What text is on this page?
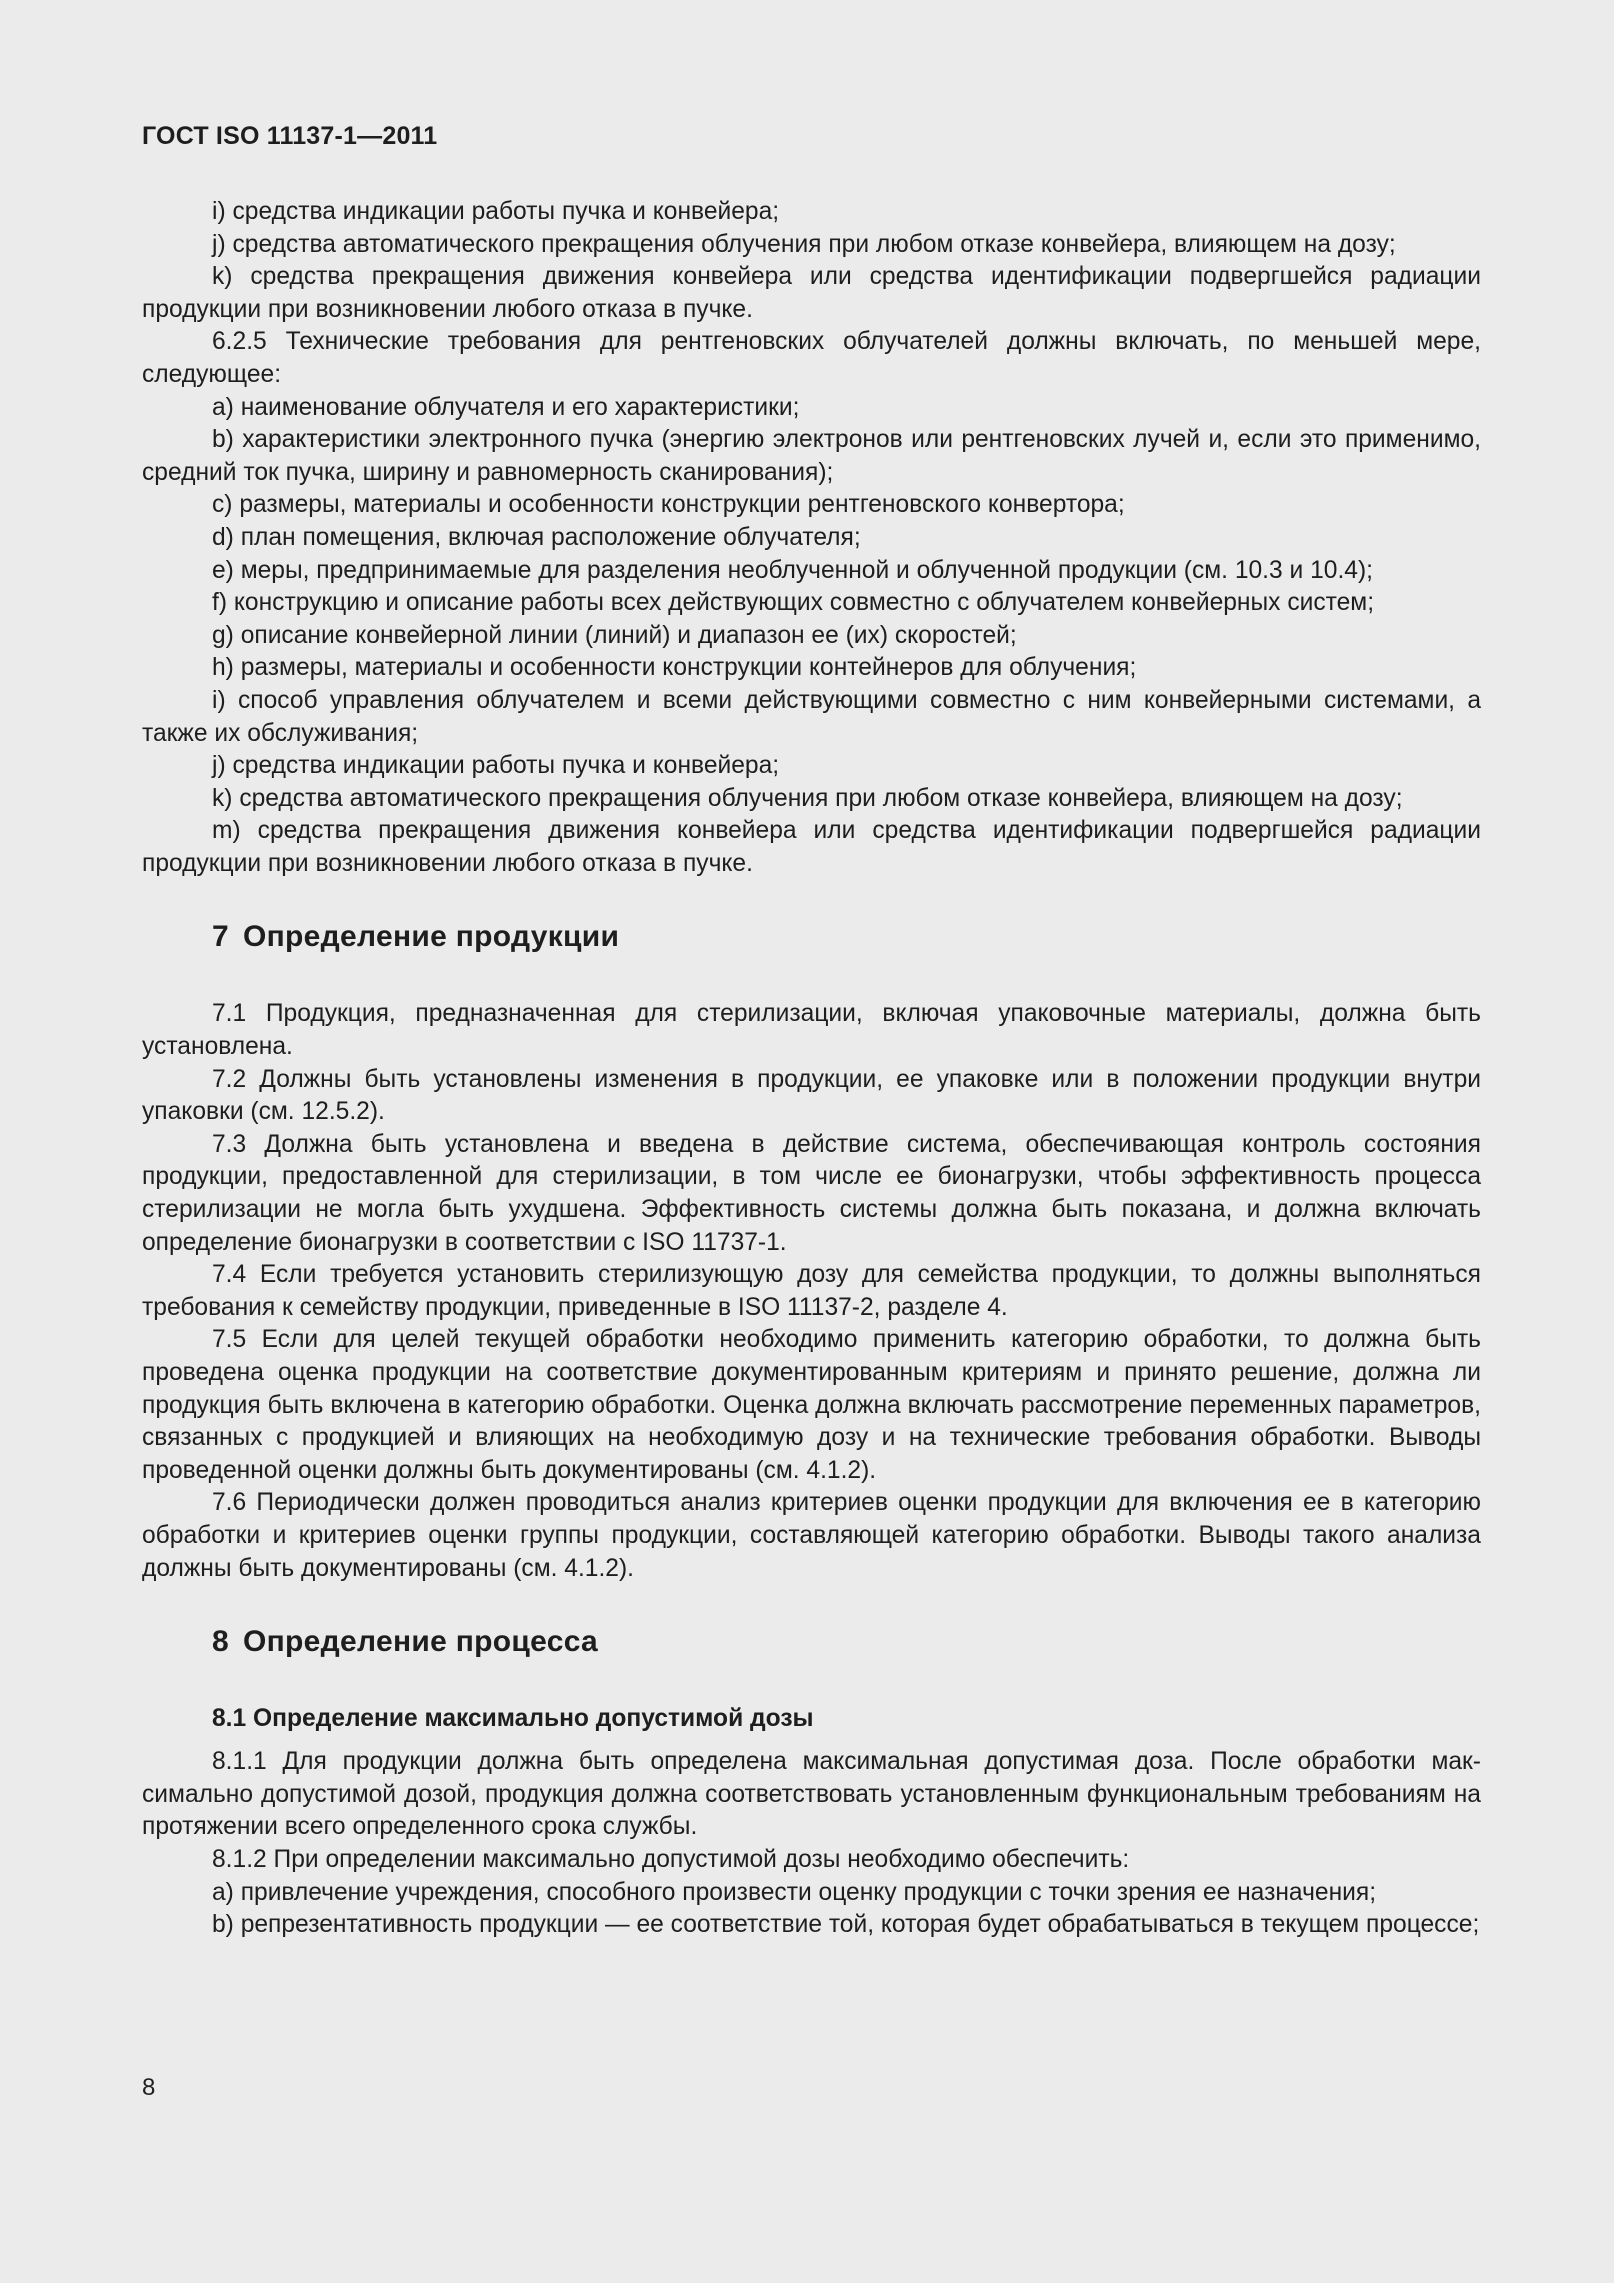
ГОСТ ISO 11137-1—2011

i) средства индикации работы пучка и конвейера;

j) средства автоматического прекращения облучения при любом отказе конвейера, влияющем на дозу;

k) средства прекращения движения конвейера или средства идентификации подвергшейся радиации продукции при возникновении любого отказа в пучке.

6.2.5 Технические требования для рентгеновских облучателей должны включать, по меньшей мере, следующее:

a) наименование облучателя и его характеристики;

b) характеристики электронного пучка (энергию электронов или рентгеновских лучей и, если это применимо, средний ток пучка, ширину и равномерность сканирования);

c) размеры, материалы и особенности конструкции рентгеновского конвертора;

d) план помещения, включая расположение облучателя;

e) меры, предпринимаемые для разделения необлученной и облученной продукции (см. 10.3 и 10.4);

f) конструкцию и описание работы всех действующих совместно с облучателем конвейерных систем;

g) описание конвейерной линии (линий) и диапазон ее (их) скоростей;

h) размеры, материалы и особенности конструкции контейнеров для облучения;

i) способ управления облучателем и всеми действующими совместно с ним конвейерными системами, а также их обслуживания;

j) средства индикации работы пучка и конвейера;

k) средства автоматического прекращения облучения при любом отказе конвейера, влияющем на дозу;

m) средства прекращения движения конвейера или средства идентификации подвергшейся радиации продукции при возникновении любого отказа в пучке.

7 Определение продукции

7.1 Продукция, предназначенная для стерилизации, включая упаковочные материалы, должна быть установлена.

7.2 Должны быть установлены изменения в продукции, ее упаковке или в положении продукции внутри упаковки (см. 12.5.2).

7.3 Должна быть установлена и введена в действие система, обеспечивающая контроль состояния продукции, предоставленной для стерилизации, в том числе ее бионагрузки, чтобы эффективность процесса стерилизации не могла быть ухудшена. Эффективность системы должна быть показана, и должна включать определение бионагрузки в соответствии с ISO 11737-1.

7.4 Если требуется установить стерилизующую дозу для семейства продукции, то должны выполняться требования к семейству продукции, приведенные в ISO 11137-2, разделе 4.

7.5 Если для целей текущей обработки необходимо применить категорию обработки, то должна быть проведена оценка продукции на соответствие документированным критериям и принято решение, должна ли продукция быть включена в категорию обработки. Оценка должна включать рассмотрение переменных параметров, связанных с продукцией и влияющих на необходимую дозу и на технические требования обработки. Выводы проведенной оценки должны быть документированы (см. 4.1.2).

7.6 Периодически должен проводиться анализ критериев оценки продукции для включения ее в категорию обработки и критериев оценки группы продукции, составляющей категорию обработки. Выводы такого анализа должны быть документированы (см. 4.1.2).

8 Определение процесса
8.1 Определение максимально допустимой дозы

8.1.1 Для продукции должна быть определена максимальная допустимая доза. После обработки максимально допустимой дозой, продукция должна соответствовать установленным функциональным требованиям на протяжении всего определенного срока службы.

8.1.2 При определении максимально допустимой дозы необходимо обеспечить:

a) привлечение учреждения, способного произвести оценку продукции с точки зрения ее назначения;

b) репрезентативность продукции — ее соответствие той, которая будет обрабатываться в текущем процессе;

8
